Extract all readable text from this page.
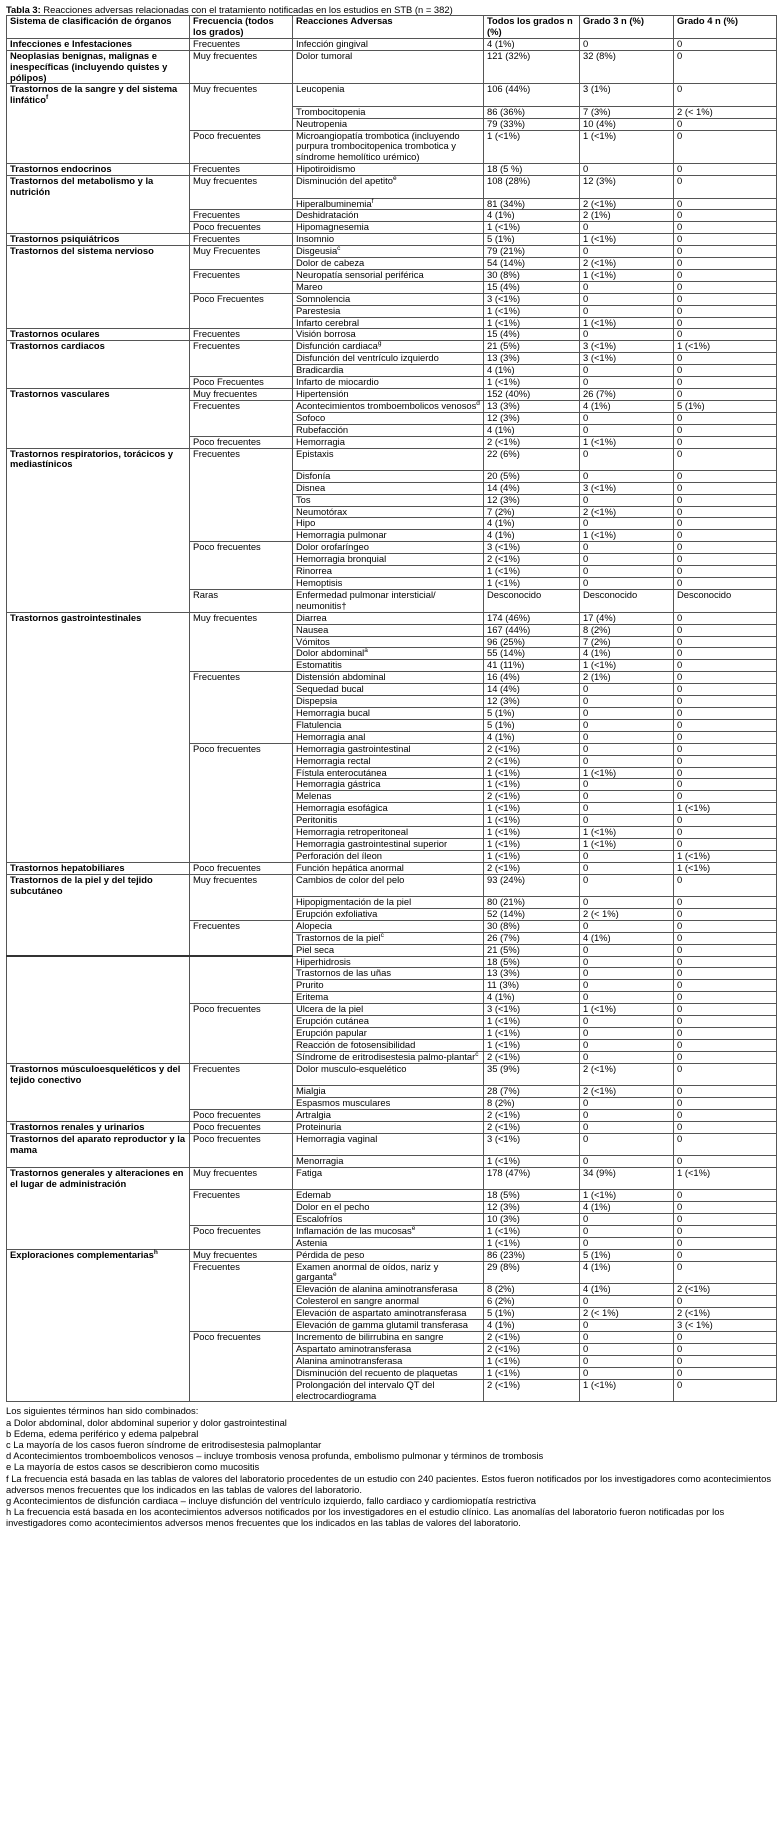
Tabla 3: Reacciones adversas relacionadas con el tratamiento notificadas en los estudios en STB (n = 382)
Sistema de clasificación de órganos	Frecuencia (todos los grados)	Reacciones Adversas	Todos los grados n (%)	Grado 3 n (%)	Grado 4 n (%)
Infecciones e Infestaciones	Frecuentes	Infección gingival	4 (1%)	0	0
Neoplasias benignas, malignas e inespecíficas (incluyendo quistes y pólipos)	Muy frecuentes	Dolor tumoral	121 (32%)	32 (8%)	0
Trastornos de la sangre y del sistema linfático$^f$	Muy frecuentes	Leucopenia	106 (44%)	3 (1%)	0
		Trombocitopenia	86 (36%)	7 (3%)	2 (< 1%)
		Neutropenia	79 (33%)	10 (4%)	0
	Poco frecuentes	Microangiopatía trombotica (incluyendo purpura trombocitopenica trombotica y síndrome hemolítico urémico)	1 (<1%)	1 (<1%)	0
Trastornos endocrinos	Frecuentes	Hipotiroidismo	18 (5 %)	0	0
Trastornos del metabolismo y la nutrición	Muy frecuentes	Disminución del apetito$^e$	108 (28%)	12 (3%)	0
		Hiperalbuminemia$^f$	81 (34%)	2 (<1%)	0
	Frecuentes	Deshidratación	4 (1%)	2 (1%)	0
	Poco frecuentes	Hipomagnesemia	1 (<1%)	0	0
Trastornos psiquiátricos	Frecuentes	Insomnio	5 (1%)	1 (<1%)	0
Trastornos del sistema nervioso	Muy Frecuentes	Disgeusia$^c$	79 (21%)	0	0
		Dolor de cabeza	54 (14%)	2 (<1%)	0
	Frecuentes	Neuropatía sensorial periférica	30 (8%)	1 (<1%)	0
		Mareo	15 (4%)	0	0
	Poco Frecuentes	Somnolencia	3 (<1%)	0	0
		Parestesia	1 (<1%)	0	0
		Infarto cerebral	1 (<1%)	1 (<1%)	0
Trastornos oculares	Frecuentes	Visión borrosa	15 (4%)	0	0
Trastornos cardiacos	Frecuentes	Disfunción cardiaca$^g$	21 (5%)	3 (<1%)	1 (<1%)
		Disfunción del ventrículo izquierdo	13 (3%)	3 (<1%)	0
		Bradicardia	4 (1%)	0	0
	Poco Frecuentes	Infarto de miocardio	1 (<1%)	0	0
Trastornos vasculares	Muy frecuentes	Hipertensión	152 (40%)	26 (7%)	0
	Frecuentes	Acontecimientos tromboembolicos venosos$^d$	13 (3%)	4 (1%)	5 (1%)
		Sofoco	12 (3%)	0	0
		Rubefacción	4 (1%)	0	0
	Poco frecuentes	Hemorragia	2 (<1%)	1 (<1%)	0
Trastornos respiratorios, torácicos y mediastínicos	Frecuentes	Epistaxis	22 (6%)	0	0
		Disfonía	20 (5%)	0	0
		Disnea	14 (4%)	3 (<1%)	0
		Tos	12 (3%)	0	0
		Neumotórax	7 (2%)	2 (<1%)	0
		Hipo	4 (1%)	0	0
		Hemorragia pulmonar	4 (1%)	1 (<1%)	0
	Poco frecuentes	Dolor orofaríngeo	3 (<1%)	0	0
		Hemorragia bronquial	2 (<1%)	0	0
		Rinorrea	1 (<1%)	0	0
		Hemoptisis	1 (<1%)	0	0
	Raras	Enfermedad pulmonar intersticial/ neumonitis†	Desconocido	Desconocido	Desconocido
Trastornos gastrointestinales	Muy frecuentes	Diarrea	174 (46%)	17 (4%)	0
		Nausea	167 (44%)	8 (2%)	0
		Vómitos	96 (25%)	7 (2%)	0
		Dolor abdominal$^a$	55 (14%)	4 (1%)	0
		Estomatitis	41 (11%)	1 (<1%)	0
	Frecuentes	Distensión abdominal	16 (4%)	2 (1%)	0
		Sequedad bucal	14 (4%)	0	0
		Dispepsia	12 (3%)	0	0
		Hemorragia bucal	5 (1%)	0	0
		Flatulencia	5 (1%)	0	0
		Hemorragia anal	4 (1%)	0	0
	Poco frecuentes	Hemorragia gastrointestinal	2 (<1%)	0	0
		Hemorragia rectal	2 (<1%)	0	0
		Fístula enterocutánea	1 (<1%)	1 (<1%)	0
		Hemorragia gástrica	1 (<1%)	0	0
		Melenas	2 (<1%)	0	0
		Hemorragia esofágica	1 (<1%)	0	1 (<1%)
		Peritonitis	1 (<1%)	0	0
		Hemorragia retroperitoneal	1 (<1%)	1 (<1%)	0
		Hemorragia gastrointestinal superior	1 (<1%)	1 (<1%)	0
		Perforación del íleon	1 (<1%)	0	1 (<1%)
Trastornos hepatobiliares	Poco frecuentes	Función hepática anormal	2 (<1%)	0	1 (<1%)
Trastornos de la piel y del tejido subcutáneo	Muy frecuentes	Cambios de color del pelo	93 (24%)	0	0
		Hipopigmentación de la piel	80 (21%)	0	0
		Erupción exfoliativa	52 (14%)	2 (< 1%)	0
	Frecuentes	Alopecia	30 (8%)	0	0
		Trastornos de la piel$^c$	26 (7%)	4 (1%)	0
		Piel seca	21 (5%)	0	0
		Hiperhidrosis	18 (5%)	0	0
		Trastornos de las uñas	13 (3%)	0	0
		Prurito	11 (3%)	0	0
		Eritema	4 (1%)	0	0
	Poco frecuentes	Ulcera de la piel	3 (<1%)	1 (<1%)	0
		Erupción cutánea	1 (<1%)	0	0
		Erupción papular	1 (<1%)	0	0
		Reacción de fotosensibilidad	1 (<1%)	0	0
		Síndrome de eritrodisestesia palmo-plantar$^c$	2 (<1%)	0	0
Trastornos músculoesqueléticos y del tejido conectivo	Frecuentes	Dolor musculo-esquelético	35 (9%)	2 (<1%)	0
		Mialgia	28 (7%)	2 (<1%)	0
		Espasmos musculares	8 (2%)	0	0
	Poco frecuentes	Artralgia	2 (<1%)	0	0
Trastornos renales y urinarios	Poco frecuentes	Proteinuria	2 (<1%)	0	0
Trastornos del aparato reproductor y la mama	Poco frecuentes	Hemorragia vaginal	3 (<1%)	0	0
		Menorragia	1 (<1%)	0	0
Trastornos generales y alteraciones en el lugar de administración	Muy frecuentes	Fatiga	178 (47%)	34 (9%)	1 (<1%)
	Frecuentes	Edemab	18 (5%)	1 (<1%)	0
		Dolor en el pecho	12 (3%)	4 (1%)	0
		Escalofríos	10 (3%)	0	0
	Poco frecuentes	Inflamación de las mucosas$^e$	1 (<1%)	0	0
		Astenia	1 (<1%)	0	0
Exploraciones complementarias$^h$	Muy frecuentes	Pérdida de peso	86 (23%)	5 (1%)	0
	Frecuentes	Examen anormal de oídos, nariz y garganta$^e$	29 (8%)	4 (1%)	0
		Elevación de alanina aminotransferasa	8 (2%)	4 (1%)	2 (<1%)
		Colesterol en sangre anormal	6 (2%)	0	0
		Elevación de aspartato aminotransferasa	5 (1%)	2 (< 1%)	2 (<1%)
		Elevación de gamma glutamil transferasa	4 (1%)	0	3 (< 1%)
	Poco frecuentes	Incremento de bilirrubina en sangre	2 (<1%)	0	0
		Aspartato aminotransferasa	2 (<1%)	0	0
		Alanina aminotransferasa	1 (<1%)	0	0
		Disminución del recuento de plaquetas	1 (<1%)	0	0
		Prolongación del intervalo QT del electrocardiograma	2 (<1%)	1 (<1%)	0
Los siguientes términos han sido combinados:
a Dolor abdominal, dolor abdominal superior y dolor gastrointestinal
b Edema, edema periférico y edema palpebral
c La mayoría de los casos fueron síndrome de eritrodisestesia palmoplantar
d Acontecimientos tromboembolicos venosos – incluye trombosis venosa profunda, embolismo pulmonar y términos de trombosis
e La mayoría de estos casos se describieron como mucositis
f La frecuencia está basada en las tablas de valores del laboratorio procedentes de un estudio con 240 pacientes. Estos fueron notificados por los investigadores como acontecimientos adversos menos frecuentes que los indicados en las tablas de valores del laboratorio.
g Acontecimientos de disfunción cardiaca – incluye disfunción del ventrículo izquierdo, fallo cardiaco y cardiomiopatía restrictiva
h La frecuencia está basada en los acontecimientos adversos notificados por los investigadores en el estudio clínico. Las anomalías del laboratorio fueron notificadas por los investigadores como acontecimientos adversos menos frecuentes que los indicados en las tablas de valores del laboratorio.
